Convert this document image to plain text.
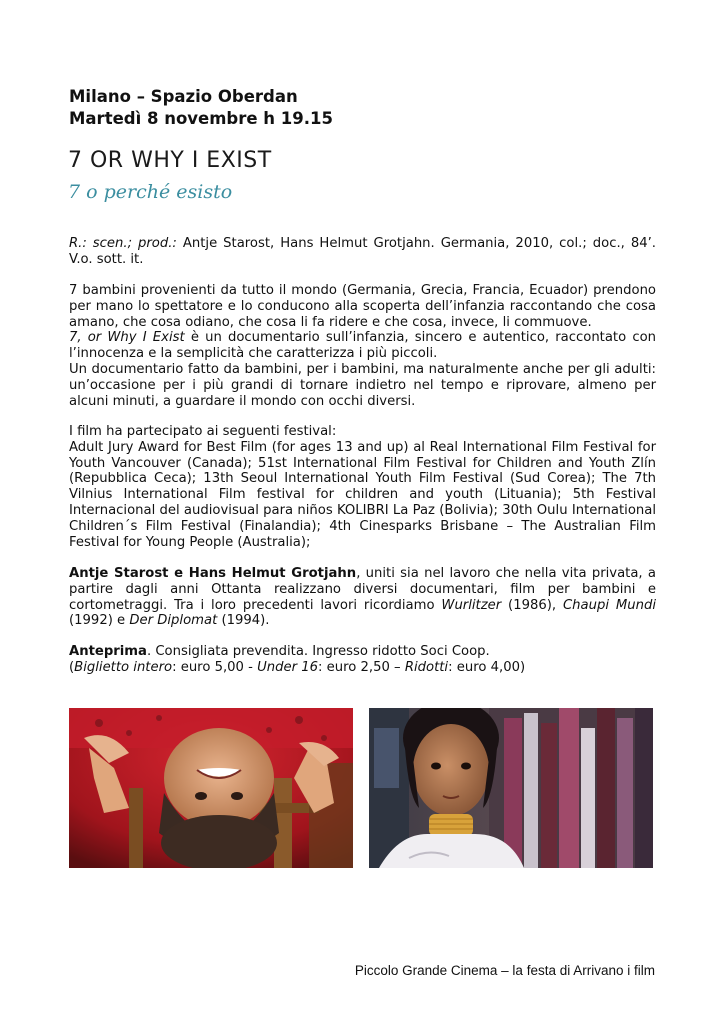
Milano – Spazio Oberdan
Martedì 8 novembre h 19.15
7 OR WHY I EXIST
7 o perché esisto

R.: scen.; prod.: Antje Starost, Hans Helmut Grotjahn. Germania, 2010, col.; doc., 84’. V.o. sott. it.

7 bambini provenienti da tutto il mondo (Germania, Grecia, Francia, Ecuador) prendono per mano lo spettatore e lo conducono alla scoperta dell’infanzia raccontando che cosa amano, che cosa odiano, che cosa li fa ridere e che cosa, invece, li commuove.

7, or Why I Exist è un documentario sull’infanzia, sincero e autentico, raccontato con l’innocenza e la semplicità che caratterizza i più piccoli.

Un documentario fatto da bambini, per i bambini, ma naturalmente anche per gli adulti: un’occasione per i più grandi di tornare indietro nel tempo e riprovare, almeno per alcuni minuti, a guardare il mondo con occhi diversi.

I film ha partecipato ai seguenti festival:

Adult Jury Award for Best Film (for ages 13 and up) al Real International Film Festival for Youth Vancouver (Canada); 51st International Film Festival for Children and Youth Zlín (Repubblica Ceca); 13th Seoul International Youth Film Festival (Sud Corea); The 7th Vilnius International Film festival for children and youth (Lituania); 5th Festival Internacional del audiovisual para niños KOLIBRI La Paz (Bolivia); 30th Oulu International Children´s Film Festival (Finalandia); 4th Cinesparks Brisbane – The Australian Film Festival for Young People (Australia);

Antje Starost e Hans Helmut Grotjahn, uniti sia nel lavoro che nella vita privata, a partire dagli anni Ottanta realizzano diversi documentari, film per bambini e cortometraggi. Tra i loro precedenti lavori ricordiamo Wurlitzer (1986), Chaupi Mundi (1992) e Der Diplomat (1994).

Anteprima. Consigliata prevendita. Ingresso ridotto Soci Coop.

(Biglietto intero: euro 5,00 - Under 16: euro 2,50 – Ridotti: euro 4,00)

Piccolo Grande Cinema – la festa di Arrivano i film
